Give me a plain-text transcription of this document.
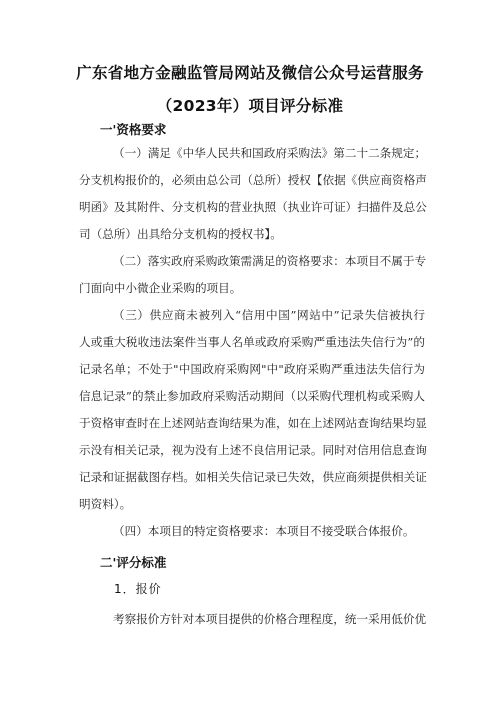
广东省地方金融监管局网站及微信公众号运营服务
（2023年）项目评分标准
一'资格要求
（一）满足《中华人民共和国政府采购法》第二十二条规定；
分支机构报价的，必须由总公司（总所）授权【依据《供应商资格声
明函》及其附件、分支机构的营业执照（执业许可证）扫描件及总公
司（总所）出具给分支机构的授权书】。
（二）落实政府采购政策需满足的资格要求：本项目不属于专
门面向中小微企业采购的项目。
（三）供应商未被列入“信用中国”网站中”记录失信被执行
人或重大税收违法案件当事人名单或政府采购严重违法失信行为”的
记录名单；不处于"中国政府采购网"中"政府采购严重违法失信行为
信息记录”的禁止参加政府采购活动期间（以采购代理机构或采购人
于资格审查时在上述网站查询结果为准，如在上述网站查询结果均显
示没有相关记录，视为没有上述不良信用记录。同时对信用信息查询
记录和证据截图存档。如相关失信记录已失效，供应商须提供相关证
明资料）。
（四）本项目的特定资格要求：本项目不接受联合体报价。
二'评分标准
1．报价
考察报价方针对本项目提供的价格合理程度，统一采用低价优
